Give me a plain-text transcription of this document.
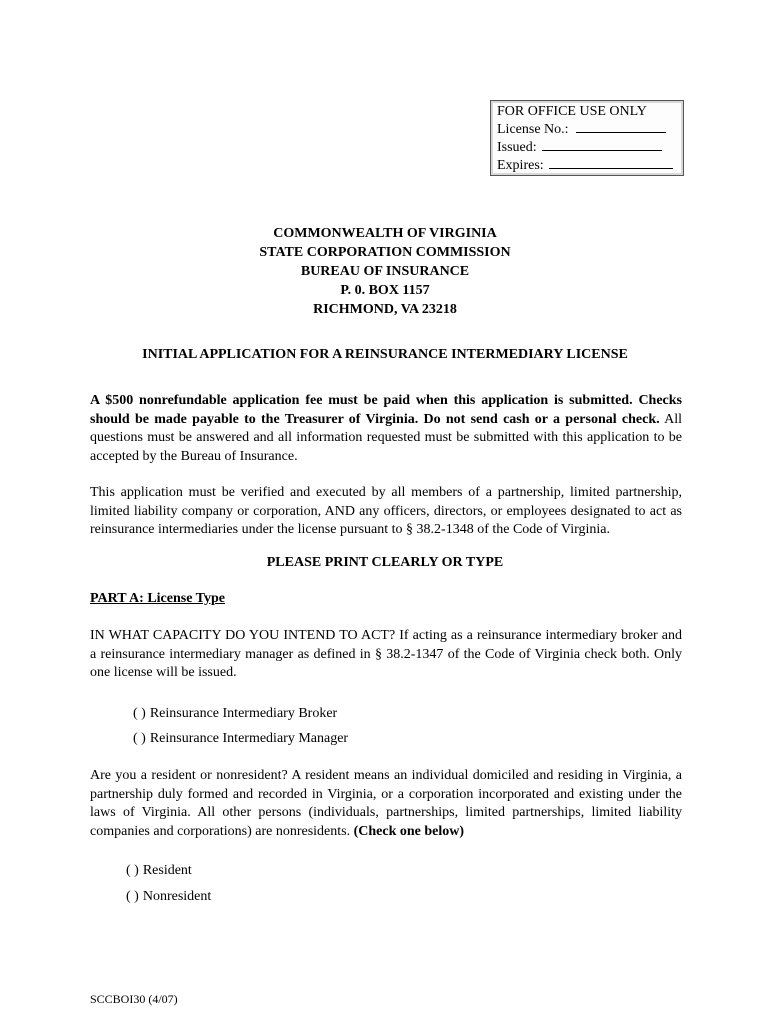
FOR OFFICE USE ONLY
License No.:
Issued:
Expires:
COMMONWEALTH OF VIRGINIA
STATE CORPORATION COMMISSION
BUREAU OF INSURANCE
P. 0. BOX 1157
RICHMOND, VA 23218
INITIAL APPLICATION FOR A REINSURANCE INTERMEDIARY LICENSE
A $500 nonrefundable application fee must be paid when this application is submitted. Checks should be made payable to the Treasurer of Virginia. Do not send cash or a personal check. All questions must be answered and all information requested must be submitted with this application to be accepted by the Bureau of Insurance.
This application must be verified and executed by all members of a partnership, limited partnership, limited liability company or corporation, AND any officers, directors, or employees designated to act as reinsurance intermediaries under the license pursuant to § 38.2-1348 of the Code of Virginia.
PLEASE PRINT CLEARLY OR TYPE
PART A: License Type
IN WHAT CAPACITY DO YOU INTEND TO ACT? If acting as a reinsurance intermediary broker and a reinsurance intermediary manager as defined in § 38.2-1347 of the Code of Virginia check both. Only one license will be issued.
( ) Reinsurance Intermediary Broker
( ) Reinsurance Intermediary Manager
Are you a resident or nonresident? A resident means an individual domiciled and residing in Virginia, a partnership duly formed and recorded in Virginia, or a corporation incorporated and existing under the laws of Virginia. All other persons (individuals, partnerships, limited partnerships, limited liability companies and corporations) are nonresidents. (Check one below)
( ) Resident
( ) Nonresident
SCCBOI30 (4/07)
